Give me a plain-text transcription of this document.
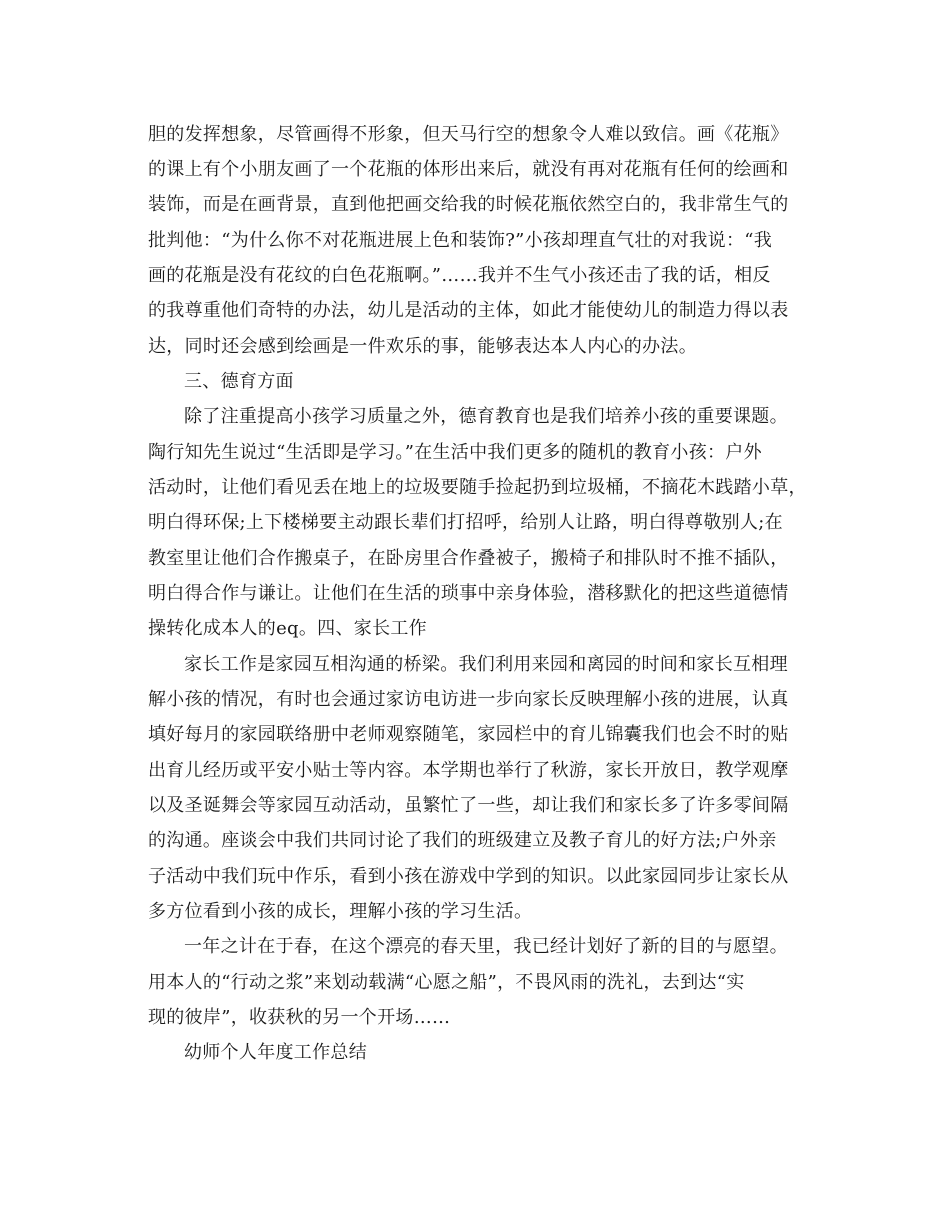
胆的发挥想象，尽管画得不形象，但天马行空的想象令人难以致信。画《花瓶》
的课上有个小朋友画了一个花瓶的体形出来后，就没有再对花瓶有任何的绘画和
装饰，而是在画背景，直到他把画交给我的时候花瓶依然空白的，我非常生气的
批判他：“为什么你不对花瓶进展上色和装饰?”小孩却理直气壮的对我说：“我
画的花瓶是没有花纹的白色花瓶啊。”……我并不生气小孩还击了我的话，相反
的我尊重他们奇特的办法，幼儿是活动的主体，如此才能使幼儿的制造力得以表
达，同时还会感到绘画是一件欢乐的事，能够表达本人内心的办法。
三、德育方面
除了注重提高小孩学习质量之外，德育教育也是我们培养小孩的重要课题。
陶行知先生说过“生活即是学习。”在生活中我们更多的随机的教育小孩：户外
活动时，让他们看见丢在地上的垃圾要随手捡起扔到垃圾桶，不摘花木践踏小草，
明白得环保;上下楼梯要主动跟长辈们打招呼，给别人让路，明白得尊敬别人;在
教室里让他们合作搬桌子，在卧房里合作叠被子，搬椅子和排队时不推不插队，
明白得合作与谦让。让他们在生活的琐事中亲身体验，潜移默化的把这些道德情
操转化成本人的eq。四、家长工作
家长工作是家园互相沟通的桥梁。我们利用来园和离园的时间和家长互相理
解小孩的情况，有时也会通过家访电访进一步向家长反映理解小孩的进展，认真
填好每月的家园联络册中老师观察随笔，家园栏中的育儿锦囊我们也会不时的贴
出育儿经历或平安小贴士等内容。本学期也举行了秋游，家长开放日，教学观摩
以及圣诞舞会等家园互动活动，虽繁忙了一些，却让我们和家长多了许多零间隔
的沟通。座谈会中我们共同讨论了我们的班级建立及教子育儿的好方法;户外亲
子活动中我们玩中作乐，看到小孩在游戏中学到的知识。以此家园同步让家长从
多方位看到小孩的成长，理解小孩的学习生活。
一年之计在于春，在这个漂亮的春天里，我已经计划好了新的目的与愿望。
用本人的“行动之浆”来划动载满“心愿之船”，不畏风雨的洗礼，去到达“实
现的彼岸”，收获秋的另一个开场……
幼师个人年度工作总结
